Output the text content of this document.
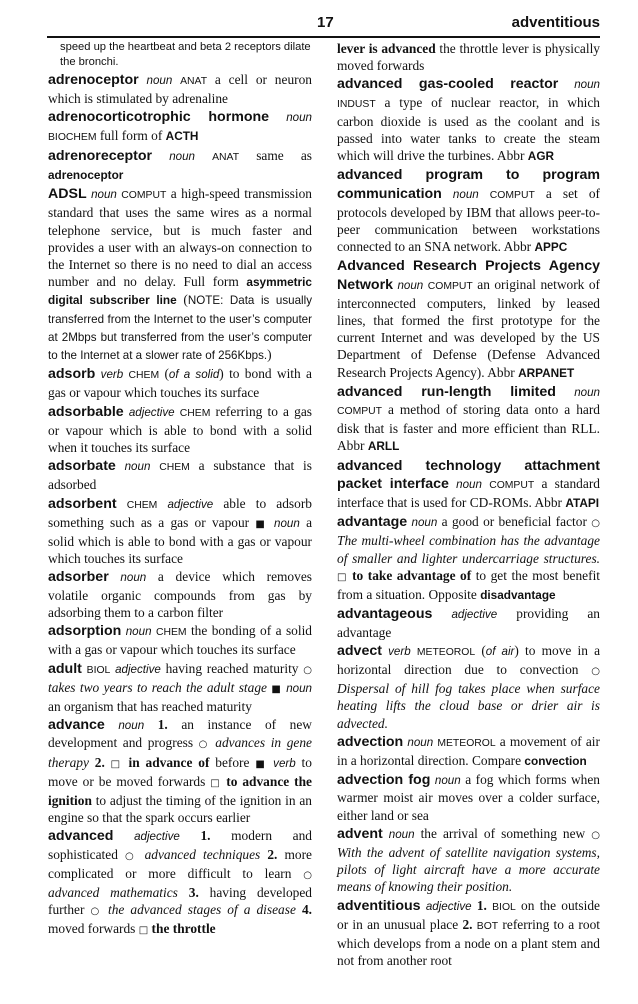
17	adventitious
speed up the heartbeat and beta 2 receptors dilate the bronchi.
adrenoceptor noun ANAT a cell or neuron which is stimulated by adrenaline
adrenocorticotrophic hormone noun BIOCHEM full form of ACTH
adrenoreceptor noun ANAT same as adrenoceptor
ADSL noun COMPUT a high-speed transmission standard that uses the same wires as a normal telephone service, but is much faster and provides a user with an always-on connection to the Internet so there is no need to dial an access number and no delay. Full form asymmetric digital subscriber line (NOTE: Data is usually transferred from the Internet to the user’s computer at 2Mbps but transferred from the user’s computer to the Internet at a slower rate of 256Kbps.)
adsorb verb CHEM (of a solid) to bond with a gas or vapour which touches its surface
adsorbable adjective CHEM referring to a gas or vapour which is able to bond with a solid when it touches its surface
adsorbate noun CHEM a substance that is adsorbed
adsorbent CHEM adjective able to adsorb something such as a gas or vapour ■ noun a solid which is able to bond with a gas or vapour which touches its surface
adsorber noun a device which removes volatile organic compounds from gas by adsorbing them to a carbon filter
adsorption noun CHEM the bonding of a solid with a gas or vapour which touches its surface
adult BIOL adjective having reached maturity ○ takes two years to reach the adult stage ■ noun an organism that has reached maturity
advance noun 1. an instance of new development and progress ○ advances in gene therapy 2. □ in advance of before ■ verb to move or be moved forwards □ to advance the ignition to adjust the timing of the ignition in an engine so that the spark occurs earlier
advanced adjective 1. modern and sophisticated ○ advanced techniques 2. more complicated or more difficult to learn ○ advanced mathematics 3. having developed further ○ the advanced stages of a disease 4. moved forwards □ the throttle
lever is advanced the throttle lever is physically moved forwards
advanced gas-cooled reactor noun INDUST a type of nuclear reactor, in which carbon dioxide is used as the coolant and is passed into water tanks to create the steam which will drive the turbines. Abbr AGR
advanced program to program communication noun COMPUT a set of protocols developed by IBM that allows peer-to-peer communication between workstations connected to an SNA network. Abbr APPC
Advanced Research Projects Agency Network noun COMPUT an original network of interconnected computers, linked by leased lines, that formed the first prototype for the current Internet and was developed by the US Department of Defense (Defense Advanced Research Projects Agency). Abbr ARPANET
advanced run-length limited noun COMPUT a method of storing data onto a hard disk that is faster and more efficient than RLL. Abbr ARLL
advanced technology attachment packet interface noun COMPUT a standard interface that is used for CD-ROMs. Abbr ATAPI
advantage noun a good or beneficial factor ○ The multi-wheel combination has the advantage of smaller and lighter undercarriage structures. □ to take advantage of to get the most benefit from a situation. Opposite disadvantage
advantageous adjective providing an advantage
advect verb METEOROL (of air) to move in a horizontal direction due to convection ○ Dispersal of hill fog takes place when surface heating lifts the cloud base or drier air is advected.
advection noun METEOROL a movement of air in a horizontal direction. Compare convection
advection fog noun a fog which forms when warmer moist air moves over a colder surface, either land or sea
advent noun the arrival of something new ○ With the advent of satellite navigation systems, pilots of light aircraft have a more accurate means of knowing their position.
adventitious adjective 1. BIOL on the outside or in an unusual place 2. BOT referring to a root which develops from a node on a plant stem and not from another root
